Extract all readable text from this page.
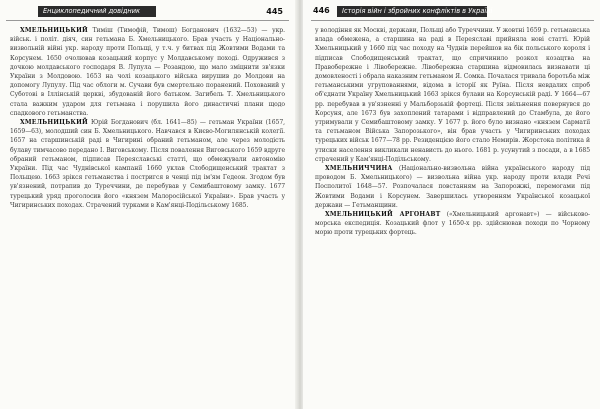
Енциклопедичний довідник	445

ХМЕЛЬНИЦЬКИЙ Тиміш (Тимофій, Тимош) Богданович (1632—53) — укр. військ. і політ. діяч, син гетьмана Б. Хмельницького. Брав участь у Національно-визвольній війні укр. народу проти Польщі, у т.ч. у битвах під Жовтими Водами та Корсунем. 1650 очолював козацький корпус у Молдавському поході. Одружився з дочкою молдавського господаря В. Лупула — Розандою, що мало зміцнити зв'язки України з Молдовою. 1653 на чолі козацького війська вирушив до Молдови на допомогу Лупулу. Під час облоги м. Сучави був смертельно поранений. Похований у Суботові в Іллінській церкві, збудованій його батьком. Загибель Т. Хмельницького стала важким ударом для гетьмана і порушила його династичні плани щодо спадкового гетьманства.

ХМЕЛЬНИЦЬКИЙ Юрій Богданович (бл. 1641—85) — гетьман України (1657, 1659—63), молодший син Б. Хмельницького. Навчався в Києво-Могилянській колегії. 1657 на старшинській раді в Чигирині обраний гетьманом, але через молодість булаву тимчасово передано І. Виговському. Після повалення Виговського 1659 вдруге обраний гетьманом, підписав Переяславські статті, що обмежували автономію України. Під час Чуднівської кампанії 1660 уклав Слободищенський трактат з Польщею. 1663 зрікся гетьманства і постригся в ченці під ім'ям Гедеон. Згодом був ув'язнений, потрапив до Туреччини, де перебував у Семибаштовому замку. 1677 турецький уряд проголосив його «князем Малоросійської України». Брав участь у Чигиринських походах. Страчений турками в Кам'янці-Подільському 1685.

446	Історія війн і збройних конфліктів в Україні

у володіння як Москві, держави, Польщі або Туреччини. У жовтні 1659 р. гетьманська влада обмежена, а старшина на раді в Переяславі прийняла нові статті. Юрій Хмельницький у 1660 під час походу на Чуднів перейшов на бік польського короля і підписав Слободищенський трактат, що спричинило розкол козацтва на Правобережне і Лівобережне. Лівобережна старшина відмовилась визнавати ці домовленості і обрала наказним гетьманом Я. Сомка. Почалася тривала боротьба між гетьманськими угрупованнями, відома в історії як Руїна. Після невдалих спроб об'єднати Україну Хмельницький 1663 зрікся булави на Корсунській раді. У 1664—67 рр. перебував в ув'язненні у Мальборзькій фортеці. Після звільнення повернувся до Корсуня, але 1673 був захоплений татарами і відправлений до Стамбула, де його утримували у Семибаштовому замку. У 1677 р. його було визнано «князем Сарматії та гетьманом Війська Запорозького», він брав участь у Чигиринських походах турецьких військ 1677—78 рр. Резиденцією його стало Немирів. Жорстока політика й утиски населення викликали ненависть до нього. 1681 р. усунутий з посади, а в 1685 страчений у Кам'янці-Подільському.

ХМЕЛЬНИЧЧИНА (Національно-визвольна війна українського народу під проводом Б. Хмельницького) — визвольна війна укр. народу проти влади Речі Посполитої 1648—57. Розпочалася повстанням на Запорожжі, перемогами під Жовтими Водами і Корсунем. Завершилась утворенням Української козацької держави — Гетьманщини.

ХМЕЛЬНИЦЬКИЙ АРГОНАВТ («Хмельницький аргонавт») — військово-морська експедиція. Козацький флот у 1650-х рр. здійснював походи по Чорному морю проти турецьких фортець.
